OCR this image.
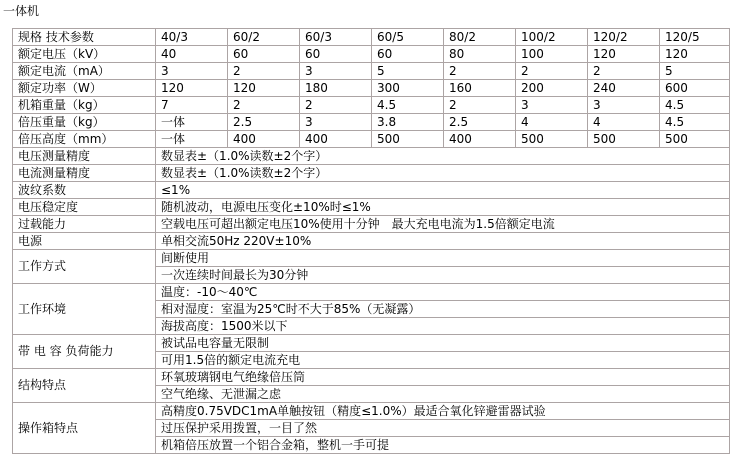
一体机
规格 技术参数	40/3	60/2	60/3	60/5	80/2	100/2	120/2	120/5
额定电压（kV）	40	60	60	60	80	100	120	120
额定电流（mA）	3	2	3	5	2	2	2	5
额定功率（W）	120	120	180	300	160	200	240	600
机箱重量（kg）	7	2	2	4.5	2	3	3	4.5
倍压重量（kg）	一体	2.5	3	3.8	2.5	4	4	4.5
倍压高度（mm）	一体	400	400	500	400	500	500	500
电压测量精度	数显表±（1.0%读数±2个字）							
电流测量精度	数显表±（1.0%读数±2个字）							
波纹系数	≤1%							
电压稳定度	随机波动，电源电压变化±10%时≤1%							
过载能力	空载电压可超出额定电压10%使用十分钟　最大充电电流为1.5倍额定电流							
电源	单相交流50Hz 220V±10%							
工作方式	间断使用							
	一次连续时间最长为30分钟							
工作环境	温度：-10～40℃							
	相对湿度：室温为25℃时不大于85%（无凝露）							
	海拔高度：1500米以下							
带 电 容 负荷能力	被试品电容量无限制							
	可用1.5倍的额定电流充电							
结构特点	环氧玻璃钢电气绝缘倍压筒							
	空气绝缘、无泄漏之虑							
操作箱特点	高精度0.75VDC1mA单触按钮（精度≤1.0%）最适合氧化锌避雷器试验							
	过压保护采用拨置，一目了然							
	机箱倍压放置一个铝合金箱，整机一手可提							
